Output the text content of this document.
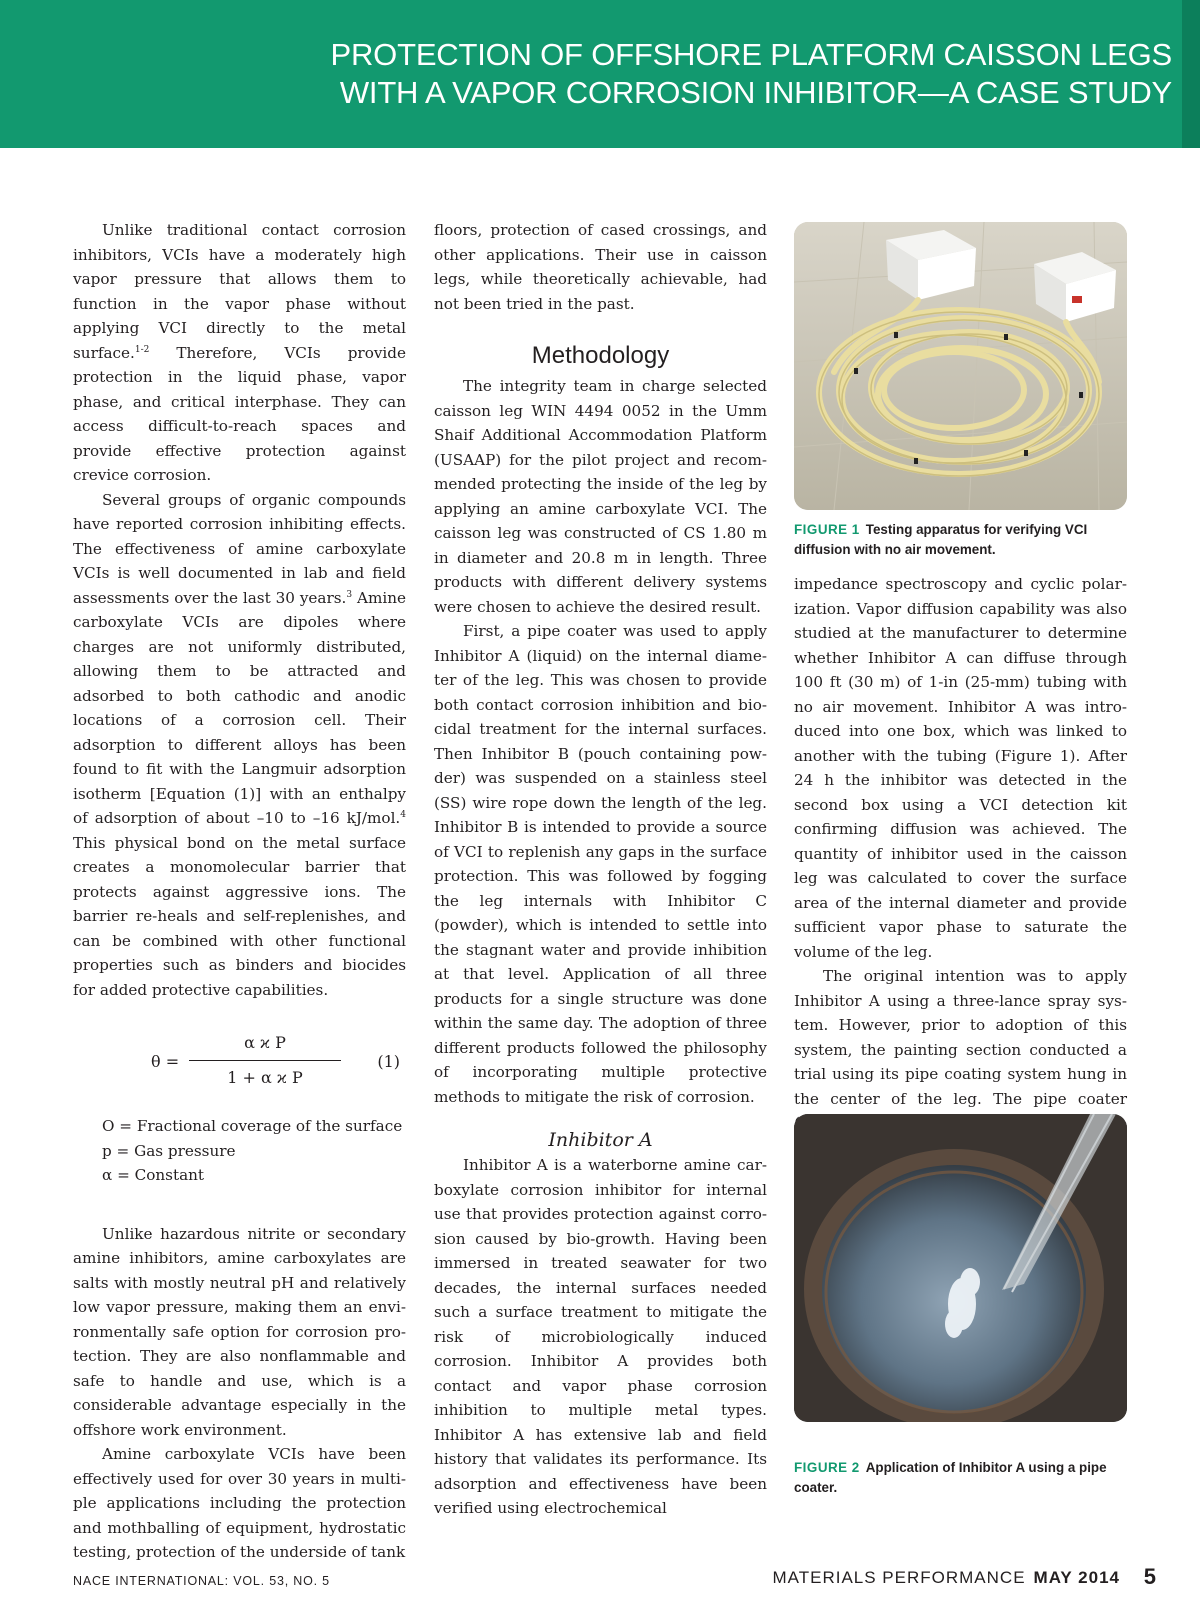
PROTECTION OF OFFSHORE PLATFORM CAISSON LEGS
WITH A VAPOR CORROSION INHIBITOR—A CASE STUDY

Unlike traditional contact corrosion inhibitors, VCIs have a moderately high vapor pressure that allows them to function in the vapor phase without applying VCI directly to the metal surface.$^{1-2}$ Therefore, VCIs provide protection in the liquid phase, vapor phase, and critical interphase. They can access difficult-to-reach spaces and provide effective protection against crevice corrosion.

Several groups of organic compounds have reported corrosion inhibiting effects. The effectiveness of amine carboxylate VCIs is well documented in lab and field assessments over the last 30 years.$^3$ Amine carboxylate VCIs are dipoles where charges are not uniformly distributed, allowing them to be attracted and adsorbed to both cathodic and anodic locations of a corrosion cell. Their adsorption to different alloys has been found to fit with the Langmuir adsorption isotherm [Equation (1)] with an enthalpy of adsorption of about –10 to –16 kJ/mol.$^4$ This physical bond on the metal surface creates a monomolecular barrier that protects against aggressive ions. The barrier re-heals and self-replenishes, and can be combined with other functional properties such as binders and biocides for added protective capabilities.

θ =
α ϰ P
1 + α ϰ P
(1)
O = Fractional coverage of the surface
p = Gas pressure
α = Constant

Unlike hazardous nitrite or secondary amine inhibitors, amine carboxylates are salts with mostly neutral pH and relatively low vapor pressure, making them an environmentally safe option for corrosion protection. They are also nonflammable and safe to handle and use, which is a considerable advantage especially in the offshore work environment.

Amine carboxylate VCIs have been effectively used for over 30 years in multiple applications including the protection and mothballing of equipment, hydrostatic testing, protection of the underside of tank

floors, protection of cased crossings, and other applications. Their use in caisson legs, while theoretically achievable, had not been tried in the past.

Methodology

The integrity team in charge selected caisson leg WIN 4494 0052 in the Umm Shaif Additional Accommodation Platform (USAAP) for the pilot project and recommended protecting the inside of the leg by applying an amine carboxylate VCI. The caisson leg was constructed of CS 1.80 m in diameter and 20.8 m in length. Three products with different delivery systems were chosen to achieve the desired result.

First, a pipe coater was used to apply Inhibitor A (liquid) on the internal diameter of the leg. This was chosen to provide both contact corrosion inhibition and biocidal treatment for the internal surfaces. Then Inhibitor B (pouch containing powder) was suspended on a stainless steel (SS) wire rope down the length of the leg. Inhibitor B is intended to provide a source of VCI to replenish any gaps in the surface protection. This was followed by fogging the leg internals with Inhibitor C (powder), which is intended to settle into the stagnant water and provide inhibition at that level. Application of all three products for a single structure was done within the same day. The adoption of three different products followed the philosophy of incorporating multiple protective methods to mitigate the risk of corrosion.

Inhibitor A

Inhibitor A is a waterborne amine carboxylate corrosion inhibitor for internal use that provides protection against corrosion caused by bio-growth. Having been immersed in treated seawater for two decades, the internal surfaces needed such a surface treatment to mitigate the risk of microbiologically induced corrosion. Inhibitor A provides both contact and vapor phase corrosion inhibition to multiple metal types. Inhibitor A has extensive lab and field history that validates its performance. Its adsorption and effectiveness have been verified using electrochemical

FIGURE 1 Testing apparatus for verifying VCI diffusion with no air movement.

impedance spectroscopy and cyclic polarization. Vapor diffusion capability was also studied at the manufacturer to determine whether Inhibitor A can diffuse through 100 ft (30 m) of 1-in (25-mm) tubing with no air movement. Inhibitor A was introduced into one box, which was linked to another with the tubing (Figure 1). After 24 h the inhibitor was detected in the second box using a VCI detection kit confirming diffusion was achieved. The quantity of inhibitor used in the caisson leg was calculated to cover the surface area of the internal diameter and provide sufficient vapor phase to saturate the volume of the leg.

The original intention was to apply Inhibitor A using a three-lance spray system. However, prior to adoption of this system, the painting section conducted a trial using its pipe coating system hung in the center of the leg. The pipe coater

FIGURE 2 Application of Inhibitor A using a pipe coater.
NACE INTERNATIONAL: VOL. 53, NO. 5	MATERIALS PERFORMANCE MAY 2014 5
